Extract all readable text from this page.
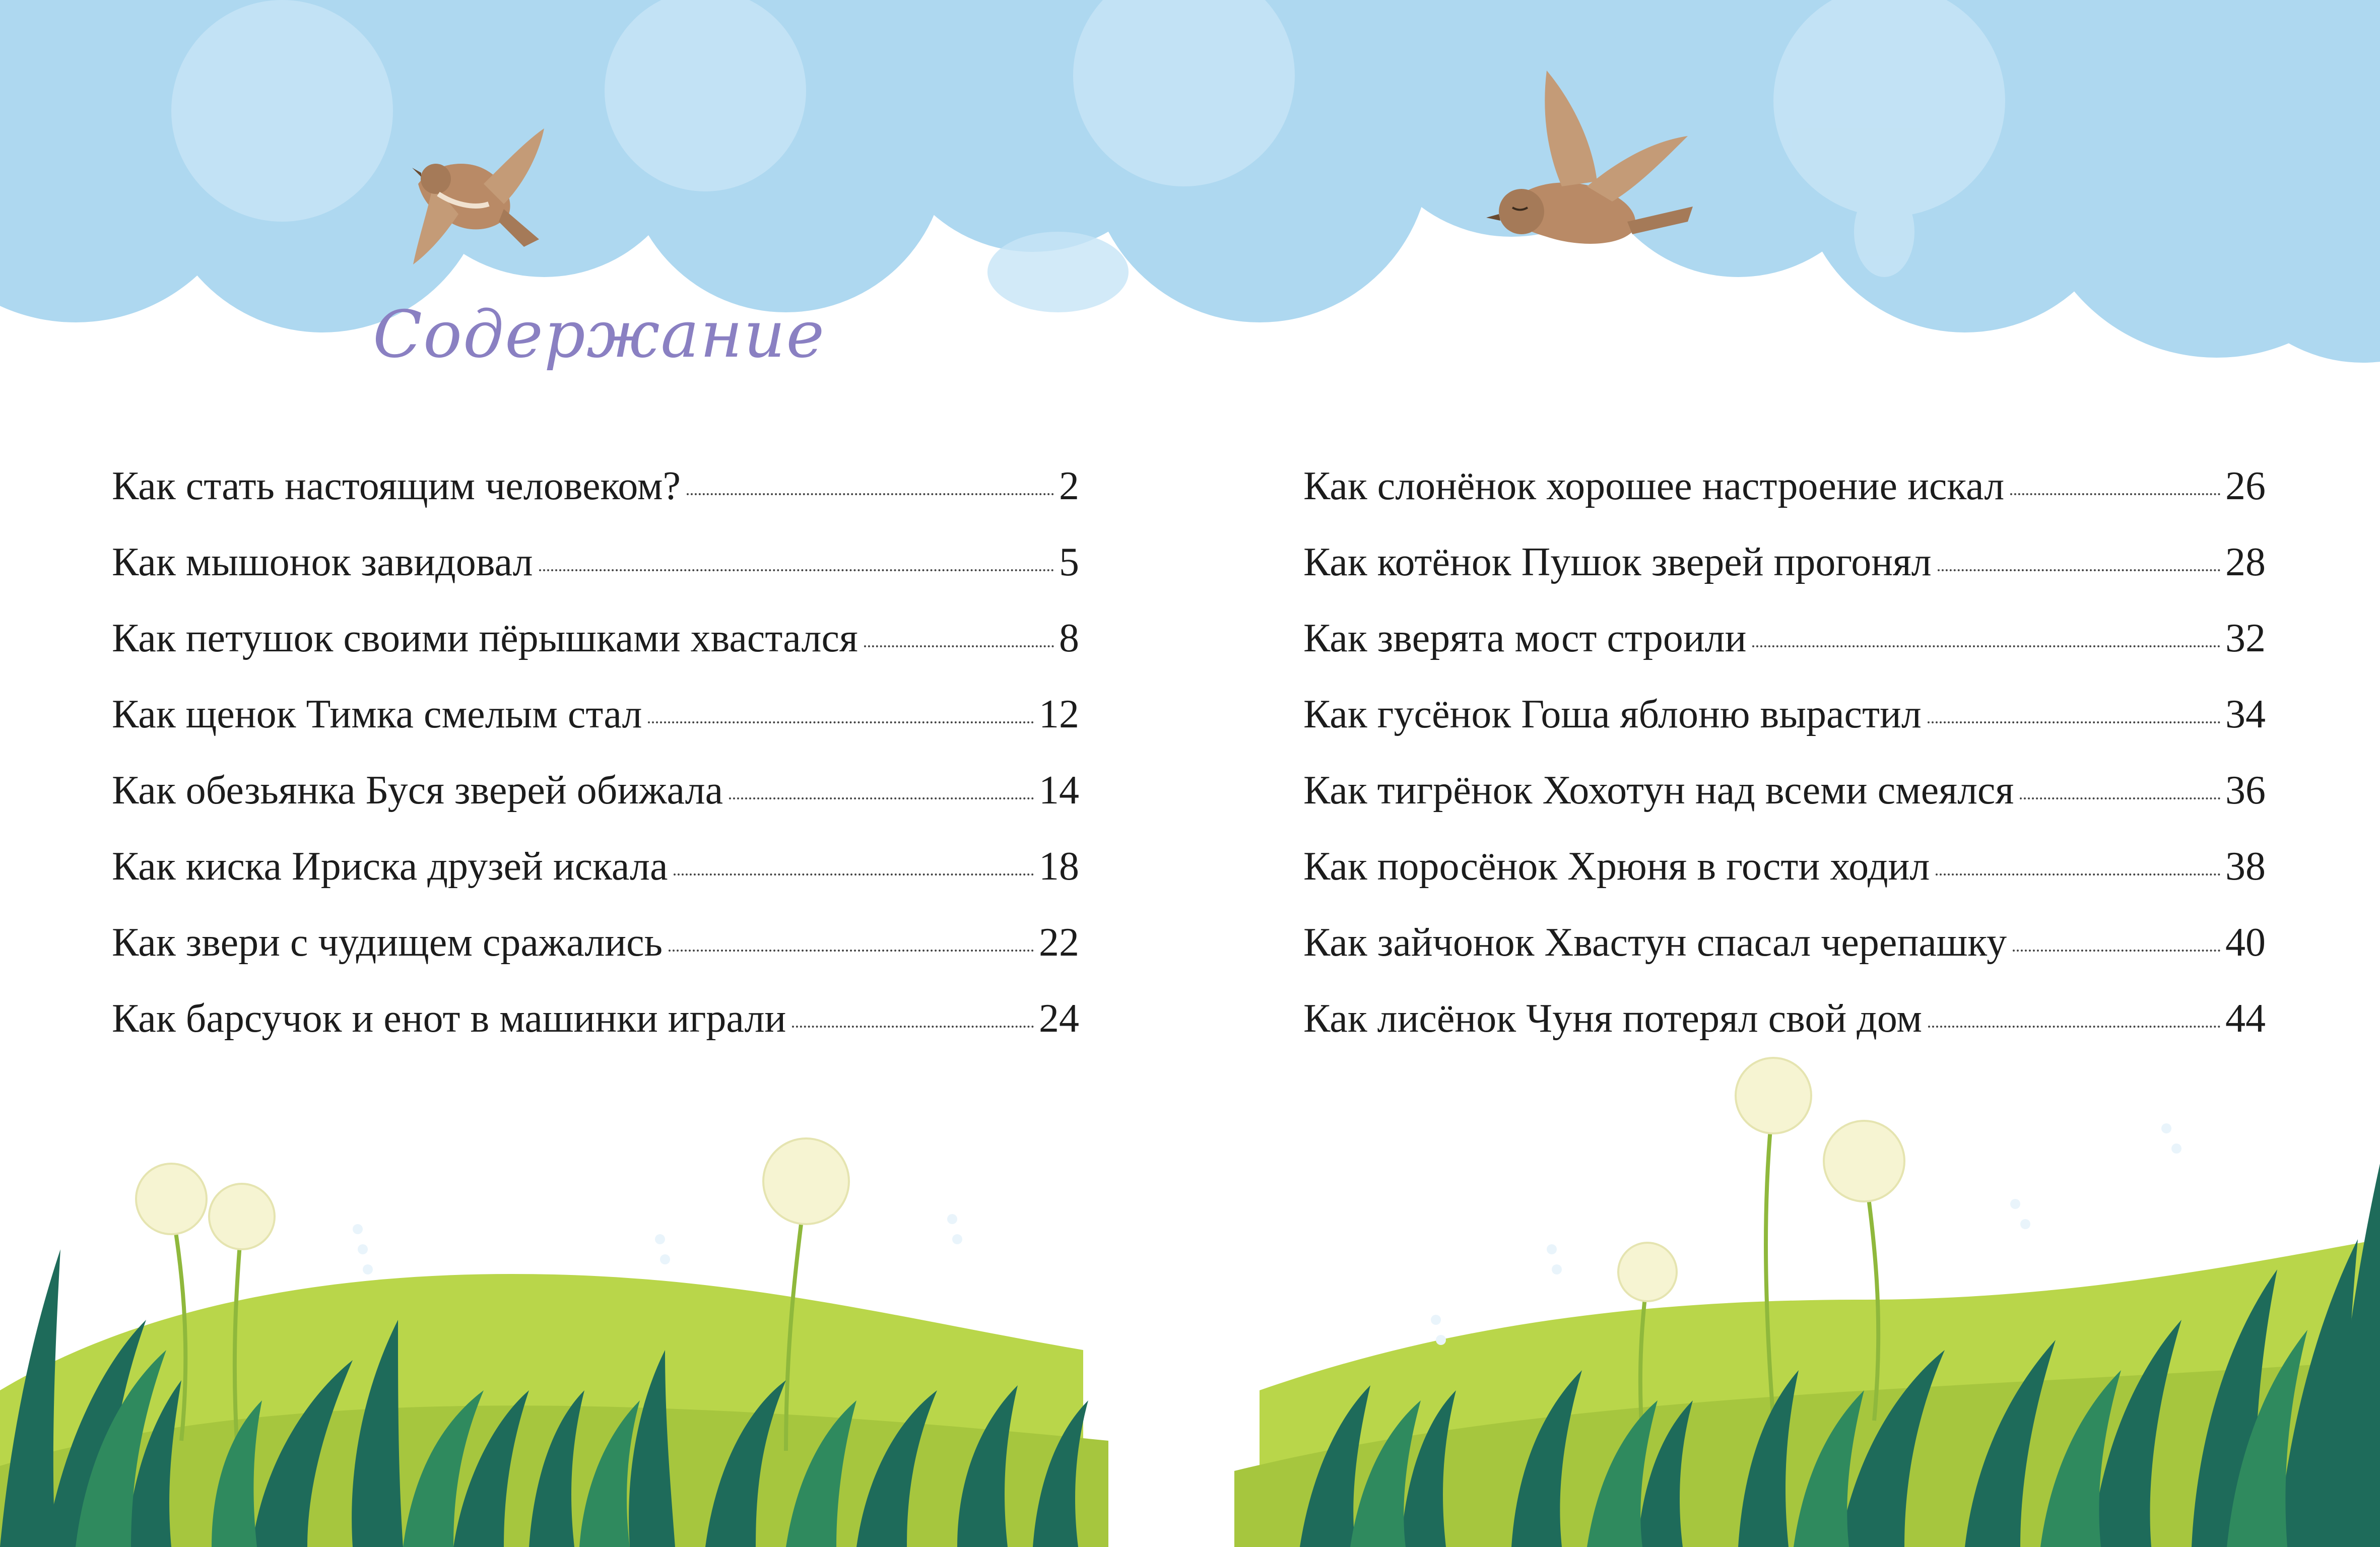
Содержание
Как стать настоящим человеком?	2
Как мышонок завидовал	5
Как петушок своими пёрышками хвастался	8
Как щенок Тимка смелым стал	12
Как обезьянка Буся зверей обижала	14
Как киска Ириска друзей искала	18
Как звери с чудищем сражались	22
Как барсучок и енот в машинки играли	24
Как слонёнок хорошее настроение искал	26
Как котёнок Пушок зверей прогонял	28
Как зверята мост строили	32
Как гусёнок Гоша яблоню вырастил	34
Как тигрёнок Хохотун над всеми смеялся	36
Как поросёнок Хрюня в гости ходил	38
Как зайчонок Хвастун спасал черепашку	40
Как лисёнок Чуня потерял свой дом	44
